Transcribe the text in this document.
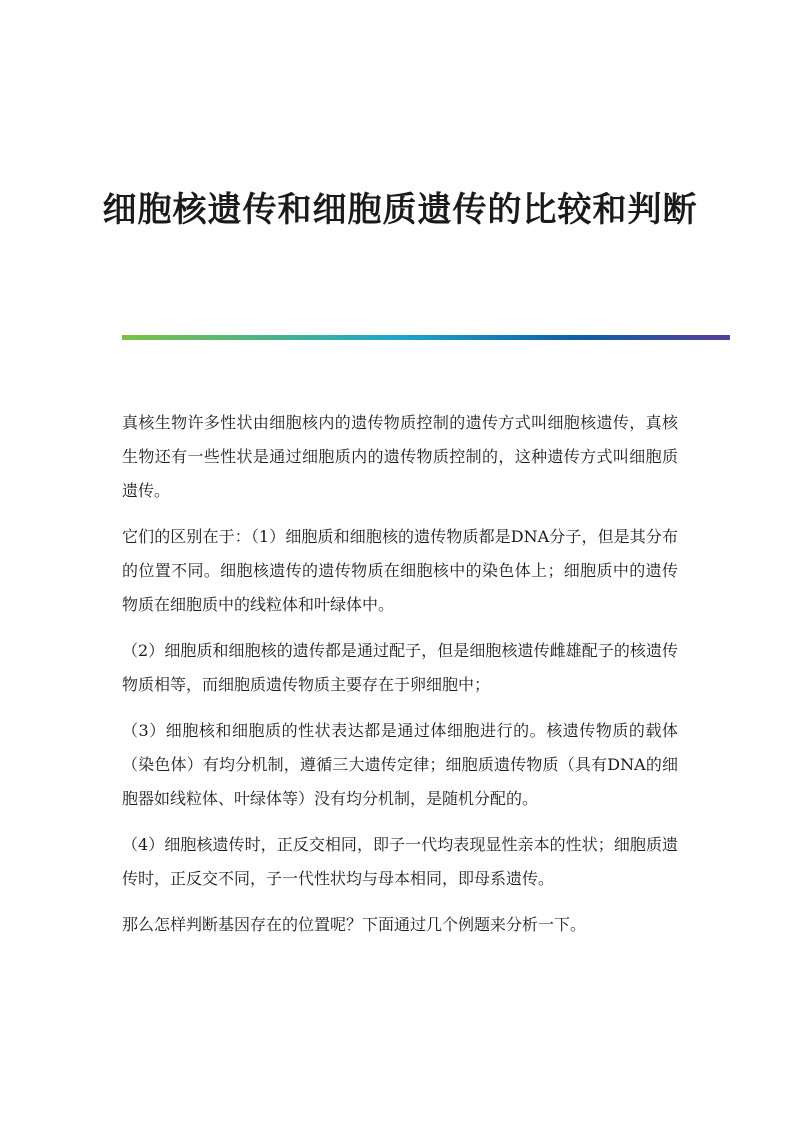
细胞核遗传和细胞质遗传的比较和判断

真核生物许多性状由细胞核内的遗传物质控制的遗传方式叫细胞核遗传，真核生物还有一些性状是通过细胞质内的遗传物质控制的，这种遗传方式叫细胞质遗传。

它们的区别在于：（1）细胞质和细胞核的遗传物质都是DNA分子，但是其分布的位置不同。细胞核遗传的遗传物质在细胞核中的染色体上；细胞质中的遗传物质在细胞质中的线粒体和叶绿体中。

（2）细胞质和细胞核的遗传都是通过配子，但是细胞核遗传雌雄配子的核遗传物质相等，而细胞质遗传物质主要存在于卵细胞中；

（3）细胞核和细胞质的性状表达都是通过体细胞进行的。核遗传物质的载体（染色体）有均分机制，遵循三大遗传定律；细胞质遗传物质（具有DNA的细胞器如线粒体、叶绿体等）没有均分机制，是随机分配的。

（4）细胞核遗传时，正反交相同，即子一代均表现显性亲本的性状；细胞质遗传时，正反交不同，子一代性状均与母本相同，即母系遗传。

那么怎样判断基因存在的位置呢？下面通过几个例题来分析一下。
